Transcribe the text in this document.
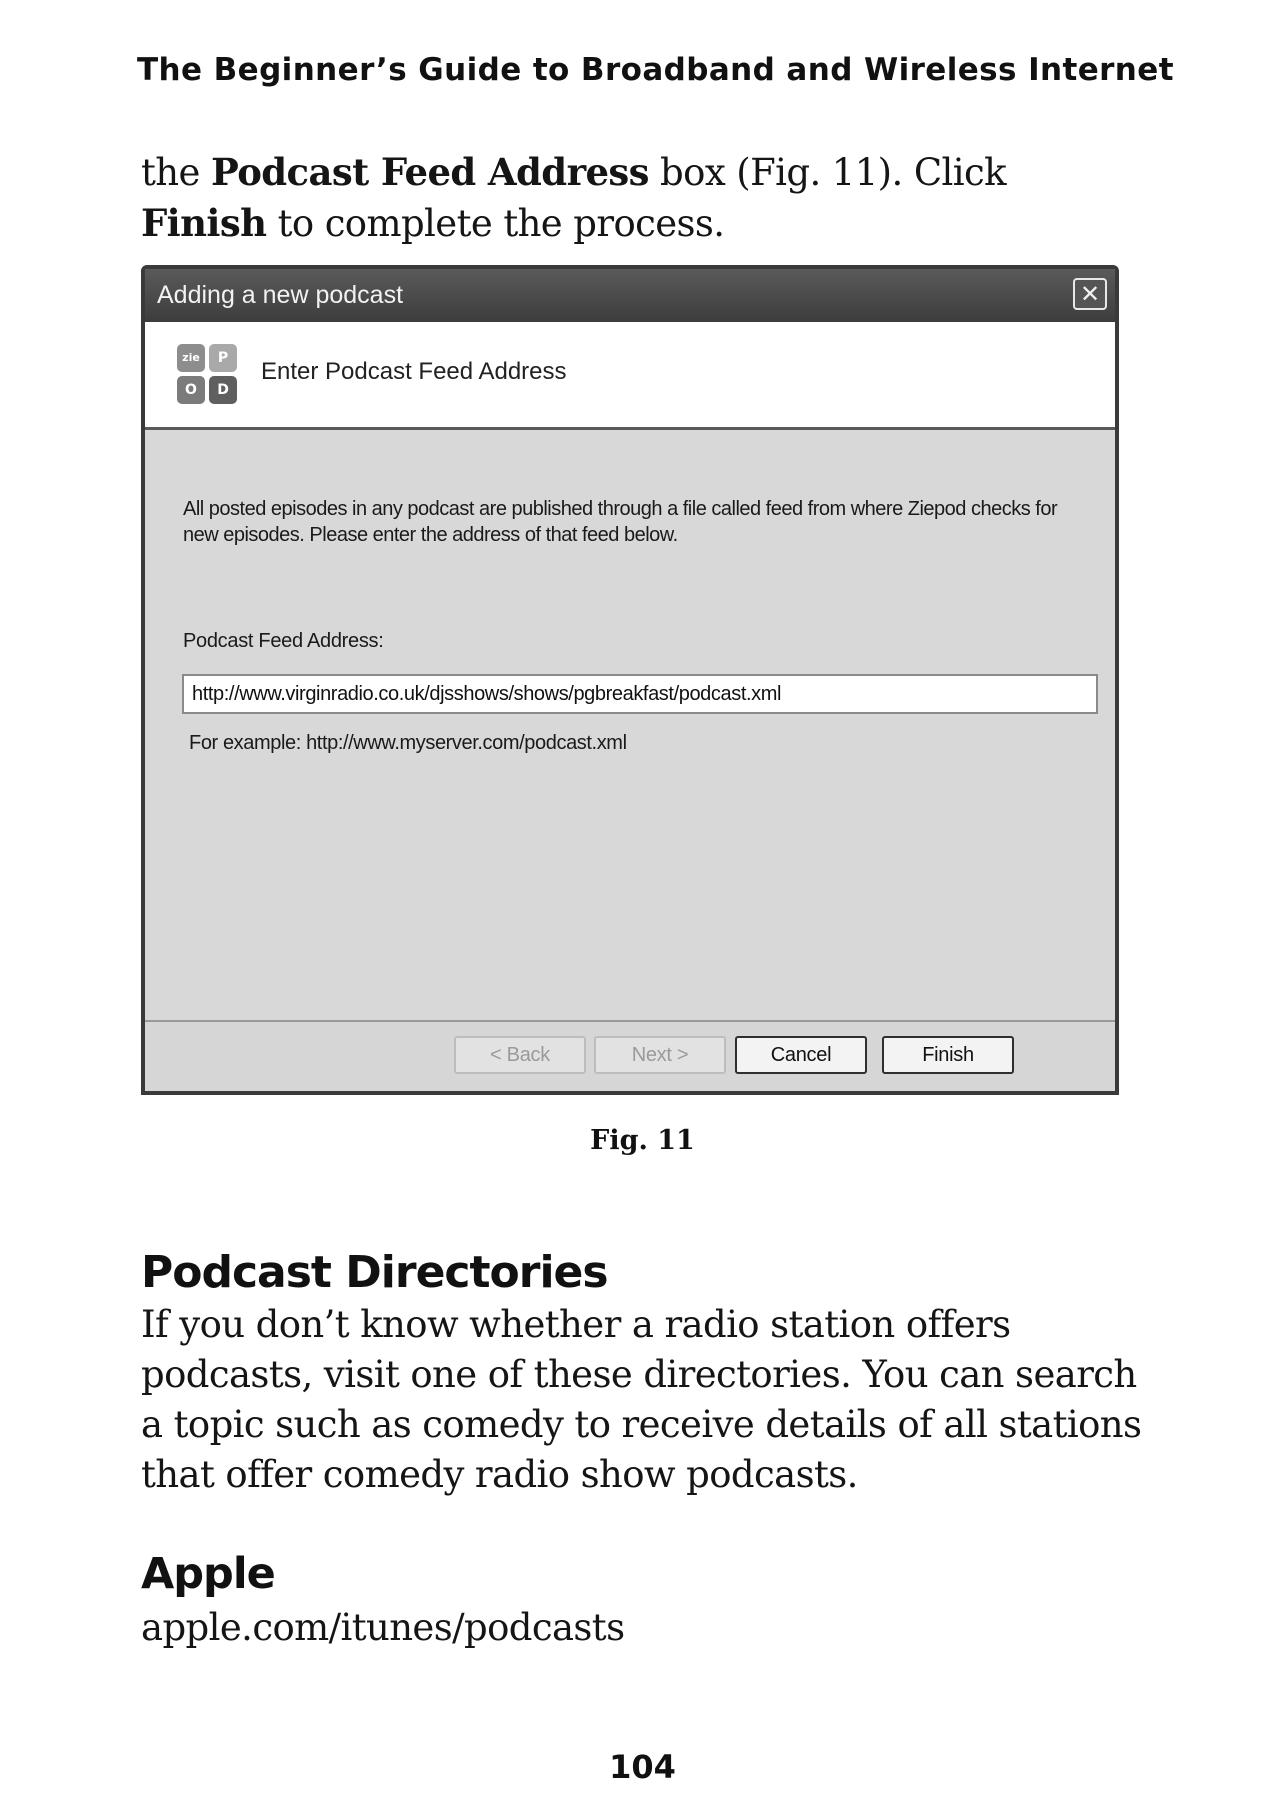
The Beginner’s Guide to Broadband and Wireless Internet
the Podcast Feed Address box (Fig. 11). Click Finish to complete the process.
Adding a new podcast	✕
zie	P
O	D
Enter Podcast Feed Address
All posted episodes in any podcast are published through a file called feed from where Ziepod checks for new episodes. Please enter the address of that feed below.
Podcast Feed Address:
http://www.virginradio.co.uk/djsshows/shows/pgbreakfast/podcast.xml
For example: http://www.myserver.com/podcast.xml
< Back	Next >	Cancel	Finish
Fig. 11
Podcast Directories
If you don’t know whether a radio station offers podcasts, visit one of these directories. You can search a topic such as comedy to receive details of all stations that offer comedy radio show podcasts.
Apple
apple.com/itunes/podcasts
104
